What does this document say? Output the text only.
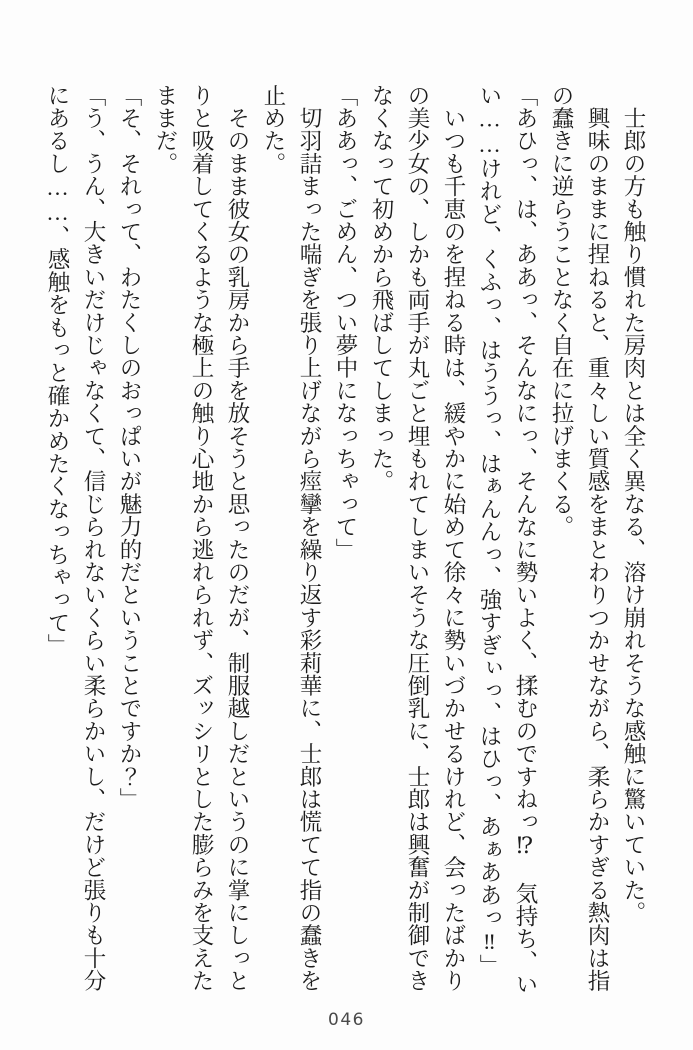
　士郎の方も触り慣れた房肉とは全く異なる、溶け崩れそうな感触に驚いていた。
　興味のままに捏ねると、重々しい質感をまとわりつかせながら、柔らかすぎる熱肉は指
の蠢きに逆らうことなく自在に拉げまくる。
「あひっ、は、ああっ、そんなにっ、そんなに勢いよく、揉むのですねっ⁉　気持ち、い
い……けれど、くふっ、はううっ、はぁんんっ、強すぎぃっ、はひっ、あぁああっ‼」
　いつも千恵のを捏ねる時は、緩やかに始めて徐々に勢いづかせるけれど、会ったばかり
の美少女の、しかも両手が丸ごと埋もれてしまいそうな圧倒乳に、士郎は興奮が制御でき
なくなって初めから飛ばしてしまった。
「ああっ、ごめん、つい夢中になっちゃって」
　切羽詰まった喘ぎを張り上げながら痙攣を繰り返す彩莉華に、士郎は慌てて指の蠢きを
止めた。
　そのまま彼女の乳房から手を放そうと思ったのだが、制服越しだというのに掌にしっと
りと吸着してくるような極上の触り心地から逃れられず、ズッシリとした膨らみを支えた
ままだ。
「そ、それって、わたくしのおっぱいが魅力的だということですか？」
「う、うん、大きいだけじゃなくて、信じられないくらい柔らかいし、だけど張りも十分
にあるし……、感触をもっと確かめたくなっちゃって」
046
